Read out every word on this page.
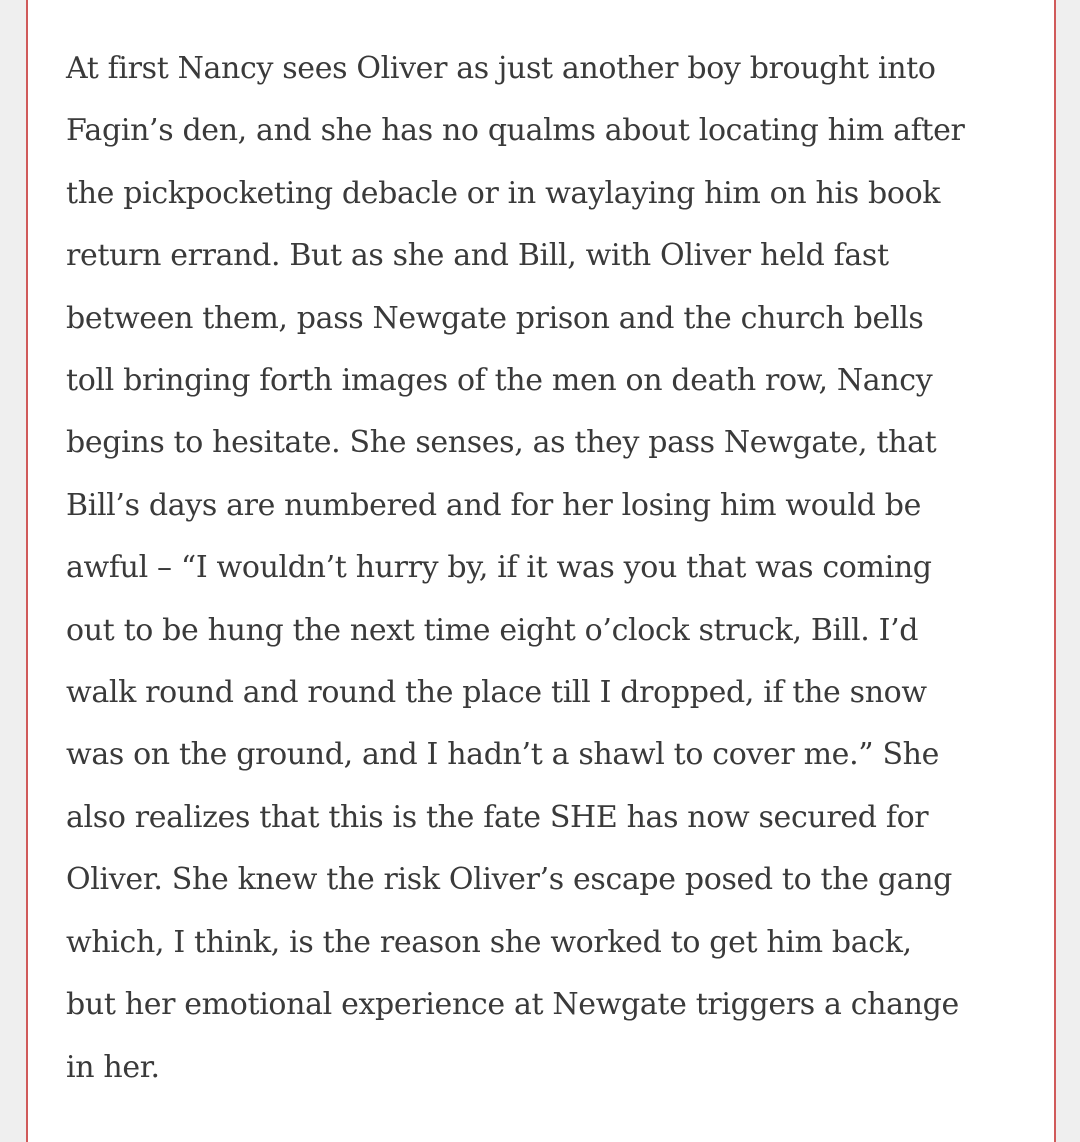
At first Nancy sees Oliver as just another boy brought into
Fagin’s den, and she has no qualms about locating him after
the pickpocketing debacle or in waylaying him on his book
return errand. But as she and Bill, with Oliver held fast
between them, pass Newgate prison and the church bells
toll bringing forth images of the men on death row, Nancy
begins to hesitate. She senses, as they pass Newgate, that
Bill’s days are numbered and for her losing him would be
awful – “I wouldn’t hurry by, if it was you that was coming
out to be hung the next time eight o’clock struck, Bill. I’d
walk round and round the place till I dropped, if the snow
was on the ground, and I hadn’t a shawl to cover me.” She
also realizes that this is the fate SHE has now secured for
Oliver. She knew the risk Oliver’s escape posed to the gang
which, I think, is the reason she worked to get him back,
but her emotional experience at Newgate triggers a change
in her.
